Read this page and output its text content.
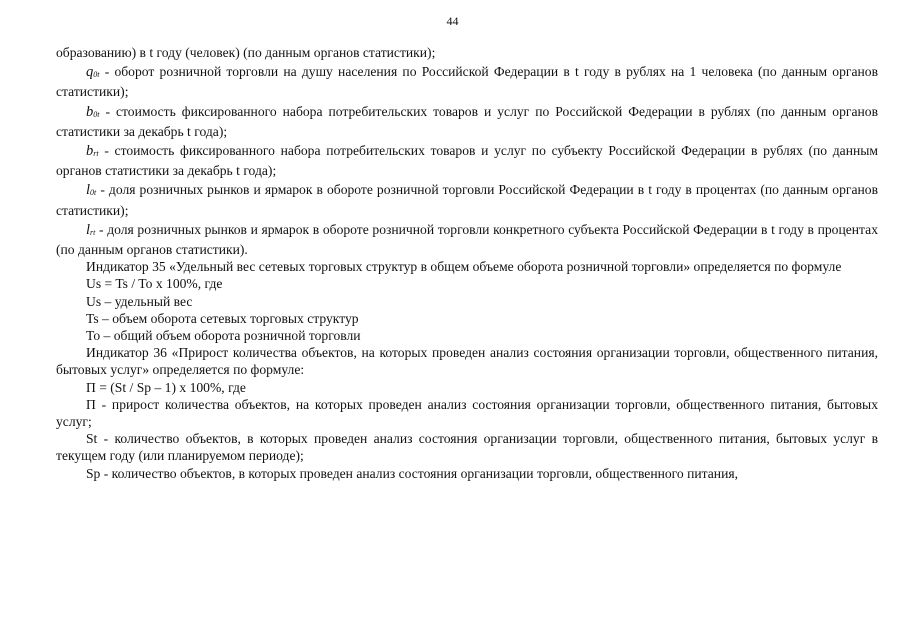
44

образованию) в t году (человек) (по данным органов статистики);

q0t - оборот розничной торговли на душу населения по Российской Федерации в t году в рублях на 1 человека (по данным органов статистики);

b0t - стоимость фиксированного набора потребительских товаров и услуг по Российской Федерации в рублях (по данным органов статистики за декабрь t года);

brt - стоимость фиксированного набора потребительских товаров и услуг по субъекту Российской Федерации в рублях (по данным органов статистики за декабрь t года);

l0t - доля розничных рынков и ярмарок в обороте розничной торговли Российской Федерации в t году в процентах (по данным органов статистики);

lrt - доля розничных рынков и ярмарок в обороте розничной торговли конкретного субъекта Российской Федерации в t году в процентах (по данным органов статистики).

Индикатор 35 «Удельный вес сетевых торговых структур в общем объеме оборота розничной торговли» определяется по формуле

Us = Ts / To x 100%, где

Us – удельный вес

Ts – объем оборота сетевых торговых структур

To – общий объем оборота розничной торговли

Индикатор 36 «Прирост количества объектов, на которых проведен анализ состояния организации торговли, общественного питания, бытовых услуг» определяется по формуле:

П = (St / Sp – 1) x 100%, где

П - прирост количества объектов, на которых проведен анализ состояния организации торговли, общественного питания, бытовых услуг;

St - количество объектов, в которых проведен анализ состояния организации торговли, общественного питания, бытовых услуг в текущем году (или планируемом периоде);

Sp - количество объектов, в которых проведен анализ состояния организации торговли, общественного питания,
